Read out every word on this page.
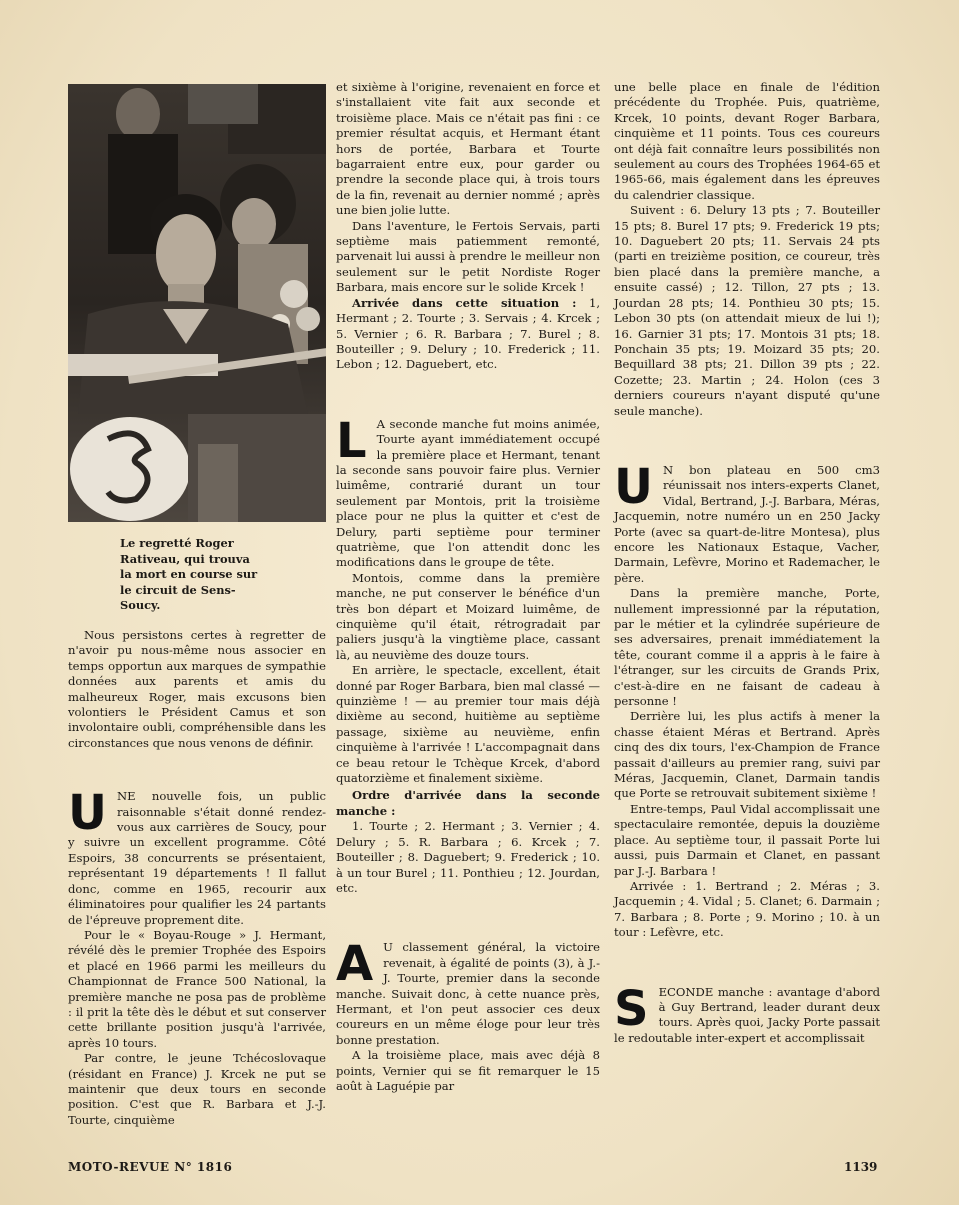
Le regretté Roger Rativeau, qui trouva la mort en course sur le circuit de Sens-Soucy.

Nous persistons certes à regretter de n'avoir pu nous-même nous associer en temps opportun aux marques de sympathie données aux parents et amis du malheureux Roger, mais excusons bien volontiers le Président Camus et son involontaire oubli, compréhensible dans les circonstances que nous venons de définir.

UNE nouvelle fois, un public raisonnable s'était donné rendez-vous aux carrières de Soucy, pour y suivre un excellent programme. Côté Espoirs, 38 concurrents se présentaient, représentant 19 départements ! Il fallut donc, comme en 1965, recourir aux éliminatoires pour qualifier les 24 partants de l'épreuve proprement dite.

Pour le « Boyau-Rouge » J. Hermant, révélé dès le premier Trophée des Espoirs et placé en 1966 parmi les meilleurs du Championnat de France 500 National, la première manche ne posa pas de problème : il prit la tête dès le début et sut conserver cette brillante position jusqu'à l'arrivée, après 10 tours.

Par contre, le jeune Tchécoslovaque (résidant en France) J. Krcek ne put se maintenir que deux tours en seconde position. C'est que R. Barbara et J.-J. Tourte, cinquième

et sixième à l'origine, revenaient en force et s'installaient vite fait aux seconde et troisième place. Mais ce n'était pas fini : ce premier résultat acquis, et Hermant étant hors de portée, Barbara et Tourte bagarraient entre eux, pour garder ou prendre la seconde place qui, à trois tours de la fin, revenait au dernier nommé ; après une bien jolie lutte.

Dans l'aventure, le Fertois Servais, parti septième mais patiemment remonté, parvenait lui aussi à prendre le meilleur non seulement sur le petit Nordiste Roger Barbara, mais encore sur le solide Krcek !

Arrivée dans cette situation : 1, Hermant ; 2. Tourte ; 3. Servais ; 4. Krcek ; 5. Vernier ; 6. R. Barbara ; 7. Burel ; 8. Bouteiller ; 9. Delury ; 10. Frederick ; 11. Lebon ; 12. Daguebert, etc.

L A seconde manche fut moins animée, Tourte ayant immédiatement occupé la première place et Hermant, tenant la seconde sans pouvoir faire plus. Vernier luimême, contrarié durant un tour seulement par Montois, prit la troisième place pour ne plus la quitter et c'est de Delury, parti septième pour terminer quatrième, que l'on attendit donc les modifications dans le groupe de tête.

Montois, comme dans la première manche, ne put conserver le bénéfice d'un très bon départ et Moizard luimême, de cinquième qu'il était, rétrogradait par paliers jusqu'à la vingtième place, cassant là, au neuvième des douze tours.

En arrière, le spectacle, excellent, était donné par Roger Barbara, bien mal classé — quinzième ! — au premier tour mais déjà dixième au second, huitième au septième passage, sixième au neuvième, enfin cinquième à l'arrivée ! L'accompagnait dans ce beau retour le Tchèque Krcek, d'abord quatorzième et finalement sixième.

Ordre d'arrivée dans la seconde manche :

1. Tourte ; 2. Hermant ; 3. Vernier ; 4. Delury ; 5. R. Barbara ; 6. Krcek ; 7. Bouteiller ; 8. Daguebert; 9. Frederick ; 10. à un tour Burel ; 11. Ponthieu ; 12. Jourdan, etc.

A U classement général, la victoire revenait, à égalité de points (3), à J.-J. Tourte, premier dans la seconde manche. Suivait donc, à cette nuance près, Hermant, et l'on peut associer ces deux coureurs en un même éloge pour leur très bonne prestation.

A la troisième place, mais avec déjà 8 points, Vernier qui se fit remarquer le 15 août à Laguépie par

une belle place en finale de l'édition précédente du Trophée. Puis, quatrième, Krcek, 10 points, devant Roger Barbara, cinquième et 11 points. Tous ces coureurs ont déjà fait connaître leurs possibilités non seulement au cours des Trophées 1964-65 et 1965-66, mais également dans les épreuves du calendrier classique.

Suivent : 6. Delury 13 pts ; 7. Bouteiller 15 pts; 8. Burel 17 pts; 9. Frederick 19 pts; 10. Daguebert 20 pts; 11. Servais 24 pts (parti en treizième position, ce coureur, très bien placé dans la première manche, a ensuite cassé) ; 12. Tillon, 27 pts ; 13. Jourdan 28 pts; 14. Ponthieu 30 pts; 15. Lebon 30 pts (on attendait mieux de lui !); 16. Garnier 31 pts; 17. Montois 31 pts; 18. Ponchain 35 pts; 19. Moizard 35 pts; 20. Bequillard 38 pts; 21. Dillon 39 pts ; 22. Cozette; 23. Martin ; 24. Holon (ces 3 derniers coureurs n'ayant disputé qu'une seule manche).

U N bon plateau en 500 cm3 réunissait nos inters-experts Clanet, Vidal, Bertrand, J.-J. Barbara, Méras, Jacquemin, notre numéro un en 250 Jacky Porte (avec sa quart-de-litre Montesa), plus encore les Nationaux Estaque, Vacher, Darmain, Lefèvre, Morino et Rademacher, le père.

Dans la première manche, Porte, nullement impressionné par la réputation, par le métier et la cylindrée supérieure de ses adversaires, prenait immédiatement la tête, courant comme il a appris à le faire à l'étranger, sur les circuits de Grands Prix, c'est-à-dire en ne faisant de cadeau à personne !

Derrière lui, les plus actifs à mener la chasse étaient Méras et Bertrand. Après cinq des dix tours, l'ex-Champion de France passait d'ailleurs au premier rang, suivi par Méras, Jacquemin, Clanet, Darmain tandis que Porte se retrouvait subitement sixième !

Entre-temps, Paul Vidal accomplissait une spectaculaire remontée, depuis la douzième place. Au septième tour, il passait Porte lui aussi, puis Darmain et Clanet, en passant par J.-J. Barbara !

Arrivée : 1. Bertrand ; 2. Méras ; 3. Jacquemin ; 4. Vidal ; 5. Clanet; 6. Darmain ; 7. Barbara ; 8. Porte ; 9. Morino ; 10. à un tour : Lefèvre, etc.

SECONDE manche : avantage d'abord à Guy Bertrand, leader durant deux tours. Après quoi, Jacky Porte passait le redoutable inter-expert et accomplissait

MOTO-REVUE N° 1816	1139
